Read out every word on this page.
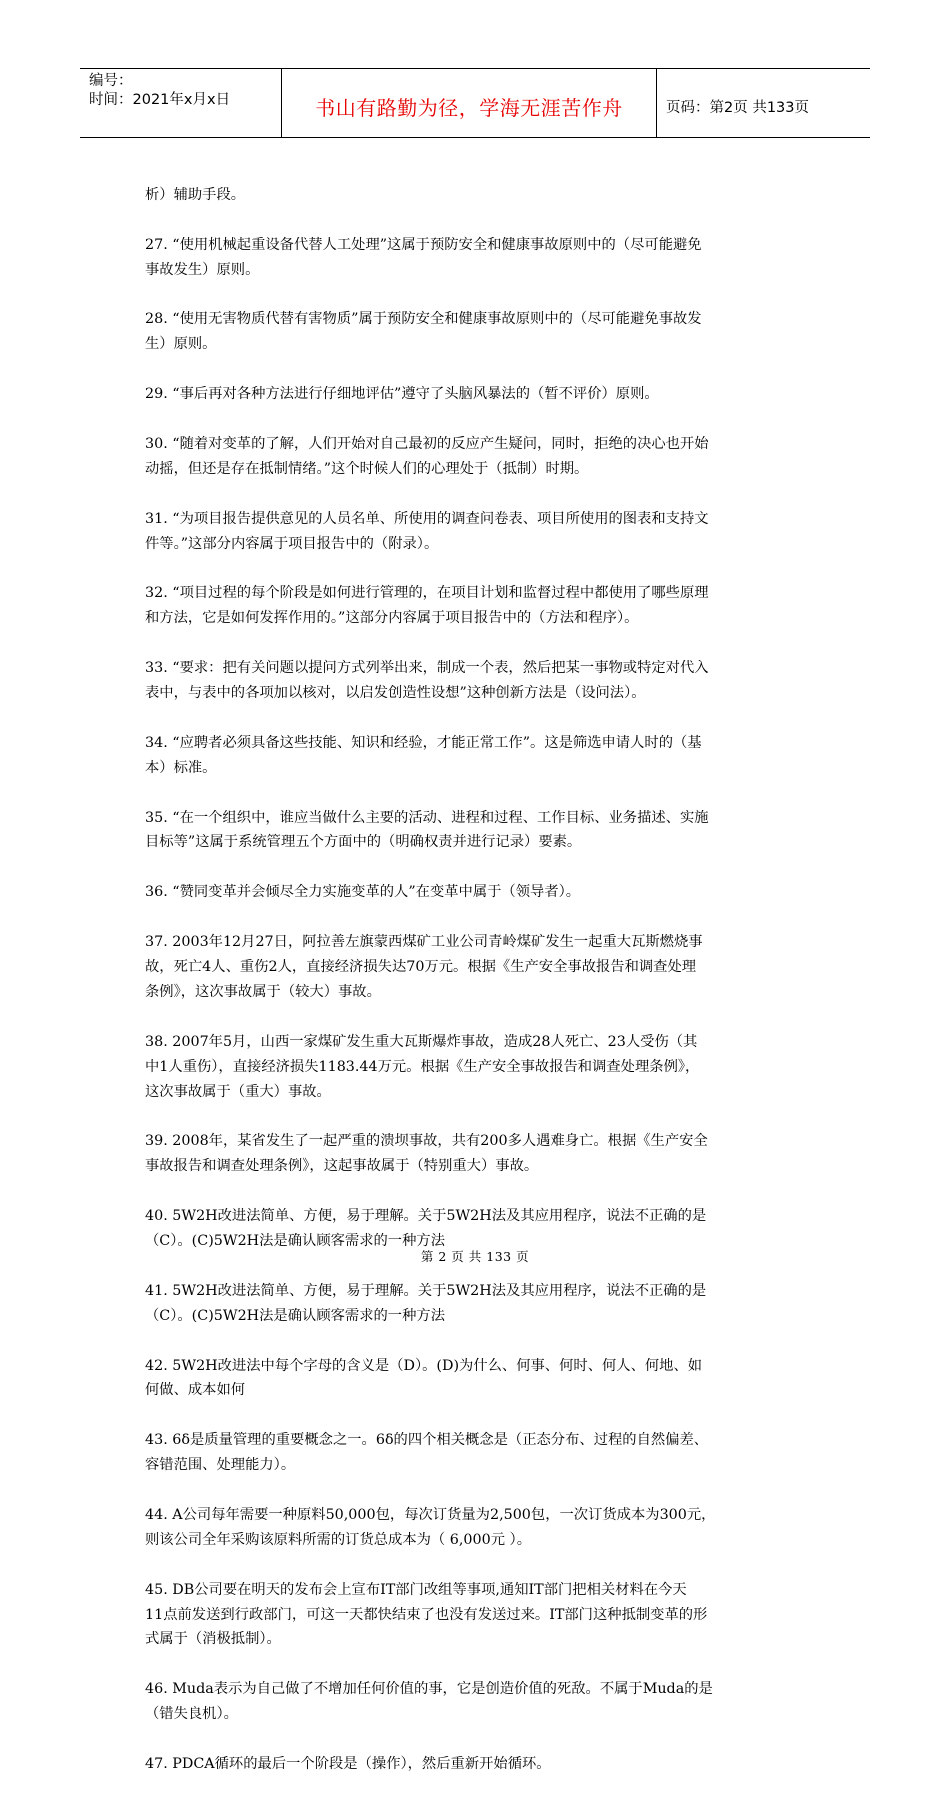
编号：
时间：2021年x月x日	书山有路勤为径，学海无涯苦作舟	页码：第2页 共133页

析）辅助手段。

27. “使用机械起重设备代替人工处理”这属于预防安全和健康事故原则中的（尽可能避免
事故发生）原则。

28. “使用无害物质代替有害物质”属于预防安全和健康事故原则中的（尽可能避免事故发
生）原则。

29. “事后再对各种方法进行仔细地评估”遵守了头脑风暴法的（暂不评价）原则。

30. “随着对变革的了解，人们开始对自己最初的反应产生疑问，同时，拒绝的决心也开始
动摇，但还是存在抵制情绪。”这个时候人们的心理处于（抵制）时期。

31. “为项目报告提供意见的人员名单、所使用的调查问卷表、项目所使用的图表和支持文
件等。”这部分内容属于项目报告中的（附录）。

32. “项目过程的每个阶段是如何进行管理的，在项目计划和监督过程中都使用了哪些原理
和方法，它是如何发挥作用的。”这部分内容属于项目报告中的（方法和程序）。

33. “要求：把有关问题以提问方式列举出来，制成一个表，然后把某一事物或特定对代入
表中，与表中的各项加以核对，以启发创造性设想”这种创新方法是（设问法）。

34. “应聘者必须具备这些技能、知识和经验，才能正常工作”。这是筛选申请人时的（基
本）标准。

35. “在一个组织中，谁应当做什么主要的活动、进程和过程、工作目标、业务描述、实施
目标等”这属于系统管理五个方面中的（明确权责并进行记录）要素。

36. “赞同变革并会倾尽全力实施变革的人”在变革中属于（领导者）。

37. 2003年12月27日，阿拉善左旗蒙西煤矿工业公司青岭煤矿发生一起重大瓦斯燃烧事
故，死亡4人、重伤2人，直接经济损失达70万元。根据《生产安全事故报告和调查处理
条例》，这次事故属于（较大）事故。

38. 2007年5月，山西一家煤矿发生重大瓦斯爆炸事故，造成28人死亡、23人受伤（其
中1人重伤），直接经济损失1183.44万元。根据《生产安全事故报告和调查处理条例》，
这次事故属于（重大）事故。

39. 2008年，某省发生了一起严重的溃坝事故，共有200多人遇难身亡。根据《生产安全
事故报告和调查处理条例》，这起事故属于（特别重大）事故。

40. 5W2H改进法简单、方便，易于理解。关于5W2H法及其应用程序，说法不正确的是
（C）。(C)5W2H法是确认顾客需求的一种方法

41. 5W2H改进法简单、方便，易于理解。关于5W2H法及其应用程序，说法不正确的是
（C）。(C)5W2H法是确认顾客需求的一种方法

42. 5W2H改进法中每个字母的含义是（D）。(D)为什么、何事、何时、何人、何地、如
何做、成本如何

43. 6δ是质量管理的重要概念之一。6δ的四个相关概念是（正态分布、过程的自然偏差、
容错范围、处理能力）。

44. A公司每年需要一种原料50,000包，每次订货量为2,500包，一次订货成本为300元，
则该公司全年采购该原料所需的订货总成本为（ 6,000元 ）。

45. DB公司要在明天的发布会上宣布IT部门改组等事项,通知IT部门把相关材料在今天
11点前发送到行政部门，可这一天都快结束了也没有发送过来。IT部门这种抵制变革的形
式属于（消极抵制）。

46. Muda表示为自己做了不增加任何价值的事，它是创造价值的死敌。不属于Muda的是
（错失良机）。

47. PDCA循环的最后一个阶段是（操作），然后重新开始循环。

第 2 页 共 133 页
